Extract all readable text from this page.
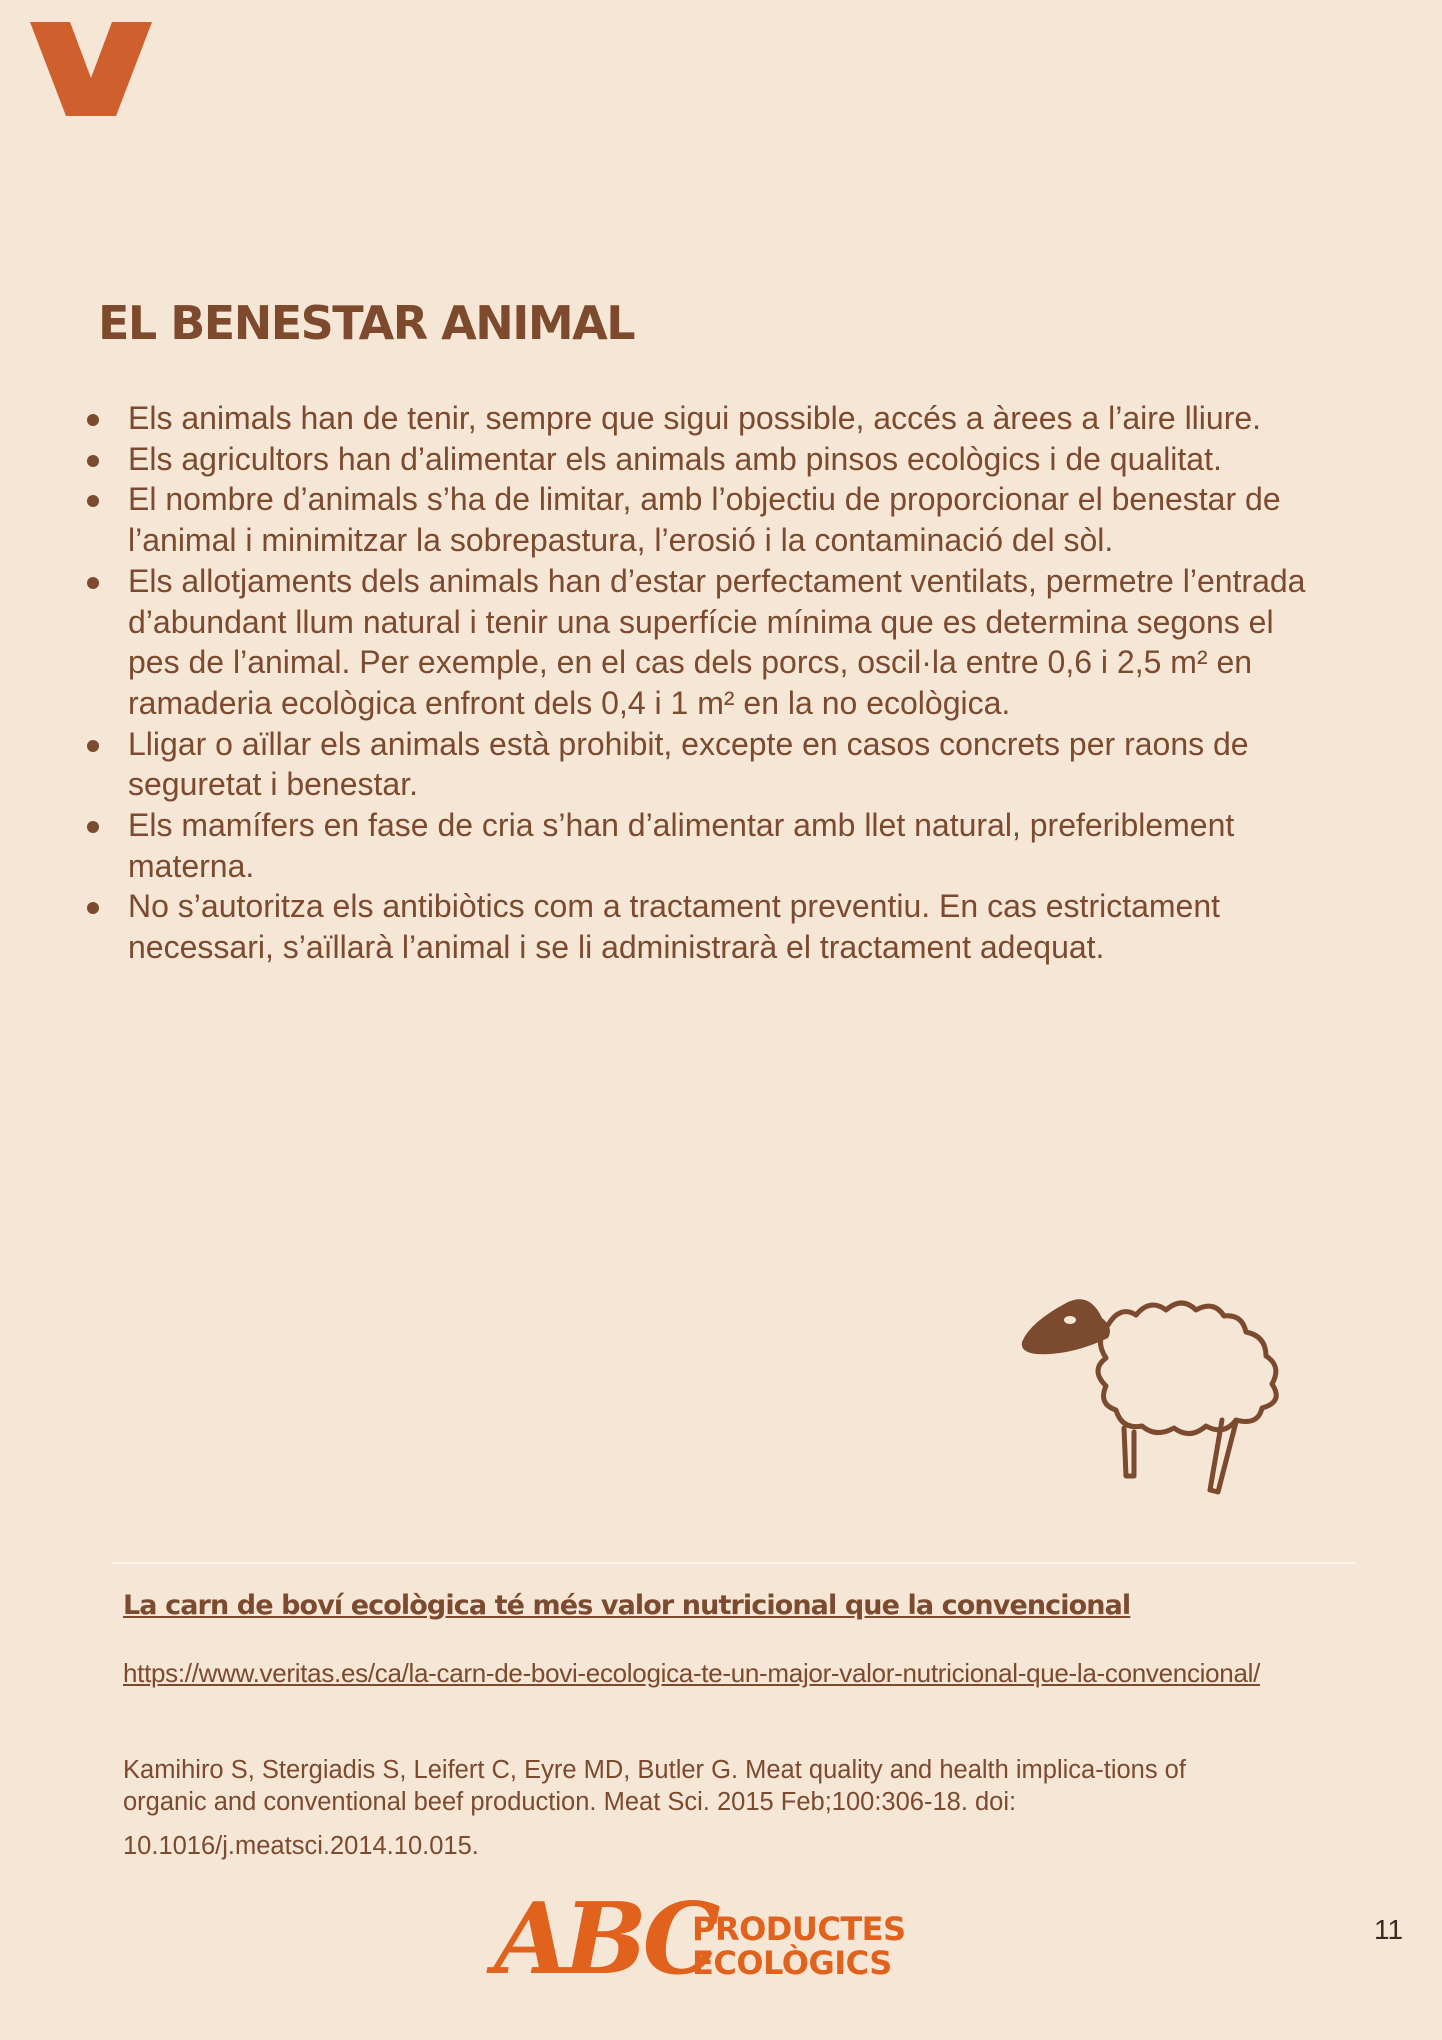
EL BENESTAR ANIMAL
Els animals han de tenir, sempre que sigui possible, accés a àrees a l’aire lliure.
Els agricultors han d’alimentar els animals amb pinsos ecològics i de qualitat.
El nombre d’animals s’ha de limitar, amb l’objectiu de proporcionar el benestar de l’animal i minimitzar la sobrepastura, l’erosió i la contaminació del sòl.
Els allotjaments dels animals han d’estar perfectament ventilats, permetre l’entrada d’abundant llum natural i tenir una superfície mínima que es determina segons el pes de l’animal. Per exemple, en el cas dels porcs, oscil·la entre 0,6 i 2,5 m² en ramaderia ecològica enfront dels 0,4 i 1 m² en la no ecològica.
Lligar o aïllar els animals està prohibit, excepte en casos concrets per raons de seguretat i benestar.
Els mamífers en fase de cria s’han d’alimentar amb llet natural, preferiblement materna.
No s’autoritza els antibiòtics com a tractament preventiu. En cas estrictament necessari, s’aïllarà l’animal i se li administrarà el tractament adequat.
La carn de boví ecològica té més valor nutricional que la convencional
https://www.veritas.es/ca/la-carn-de-bovi-ecologica-te-un-major-valor-nutricional-que-la-convencional/

Kamihiro S, Stergiadis S, Leifert C, Eyre MD, Butler G. Meat quality and health implica-tions of organic and conventional beef production. Meat Sci. 2015 Feb;100:306-18. doi:
10.1016/j.meatsci.2014.10.015.

ABC
PRODUCTES
ECOLÒGICS
11
